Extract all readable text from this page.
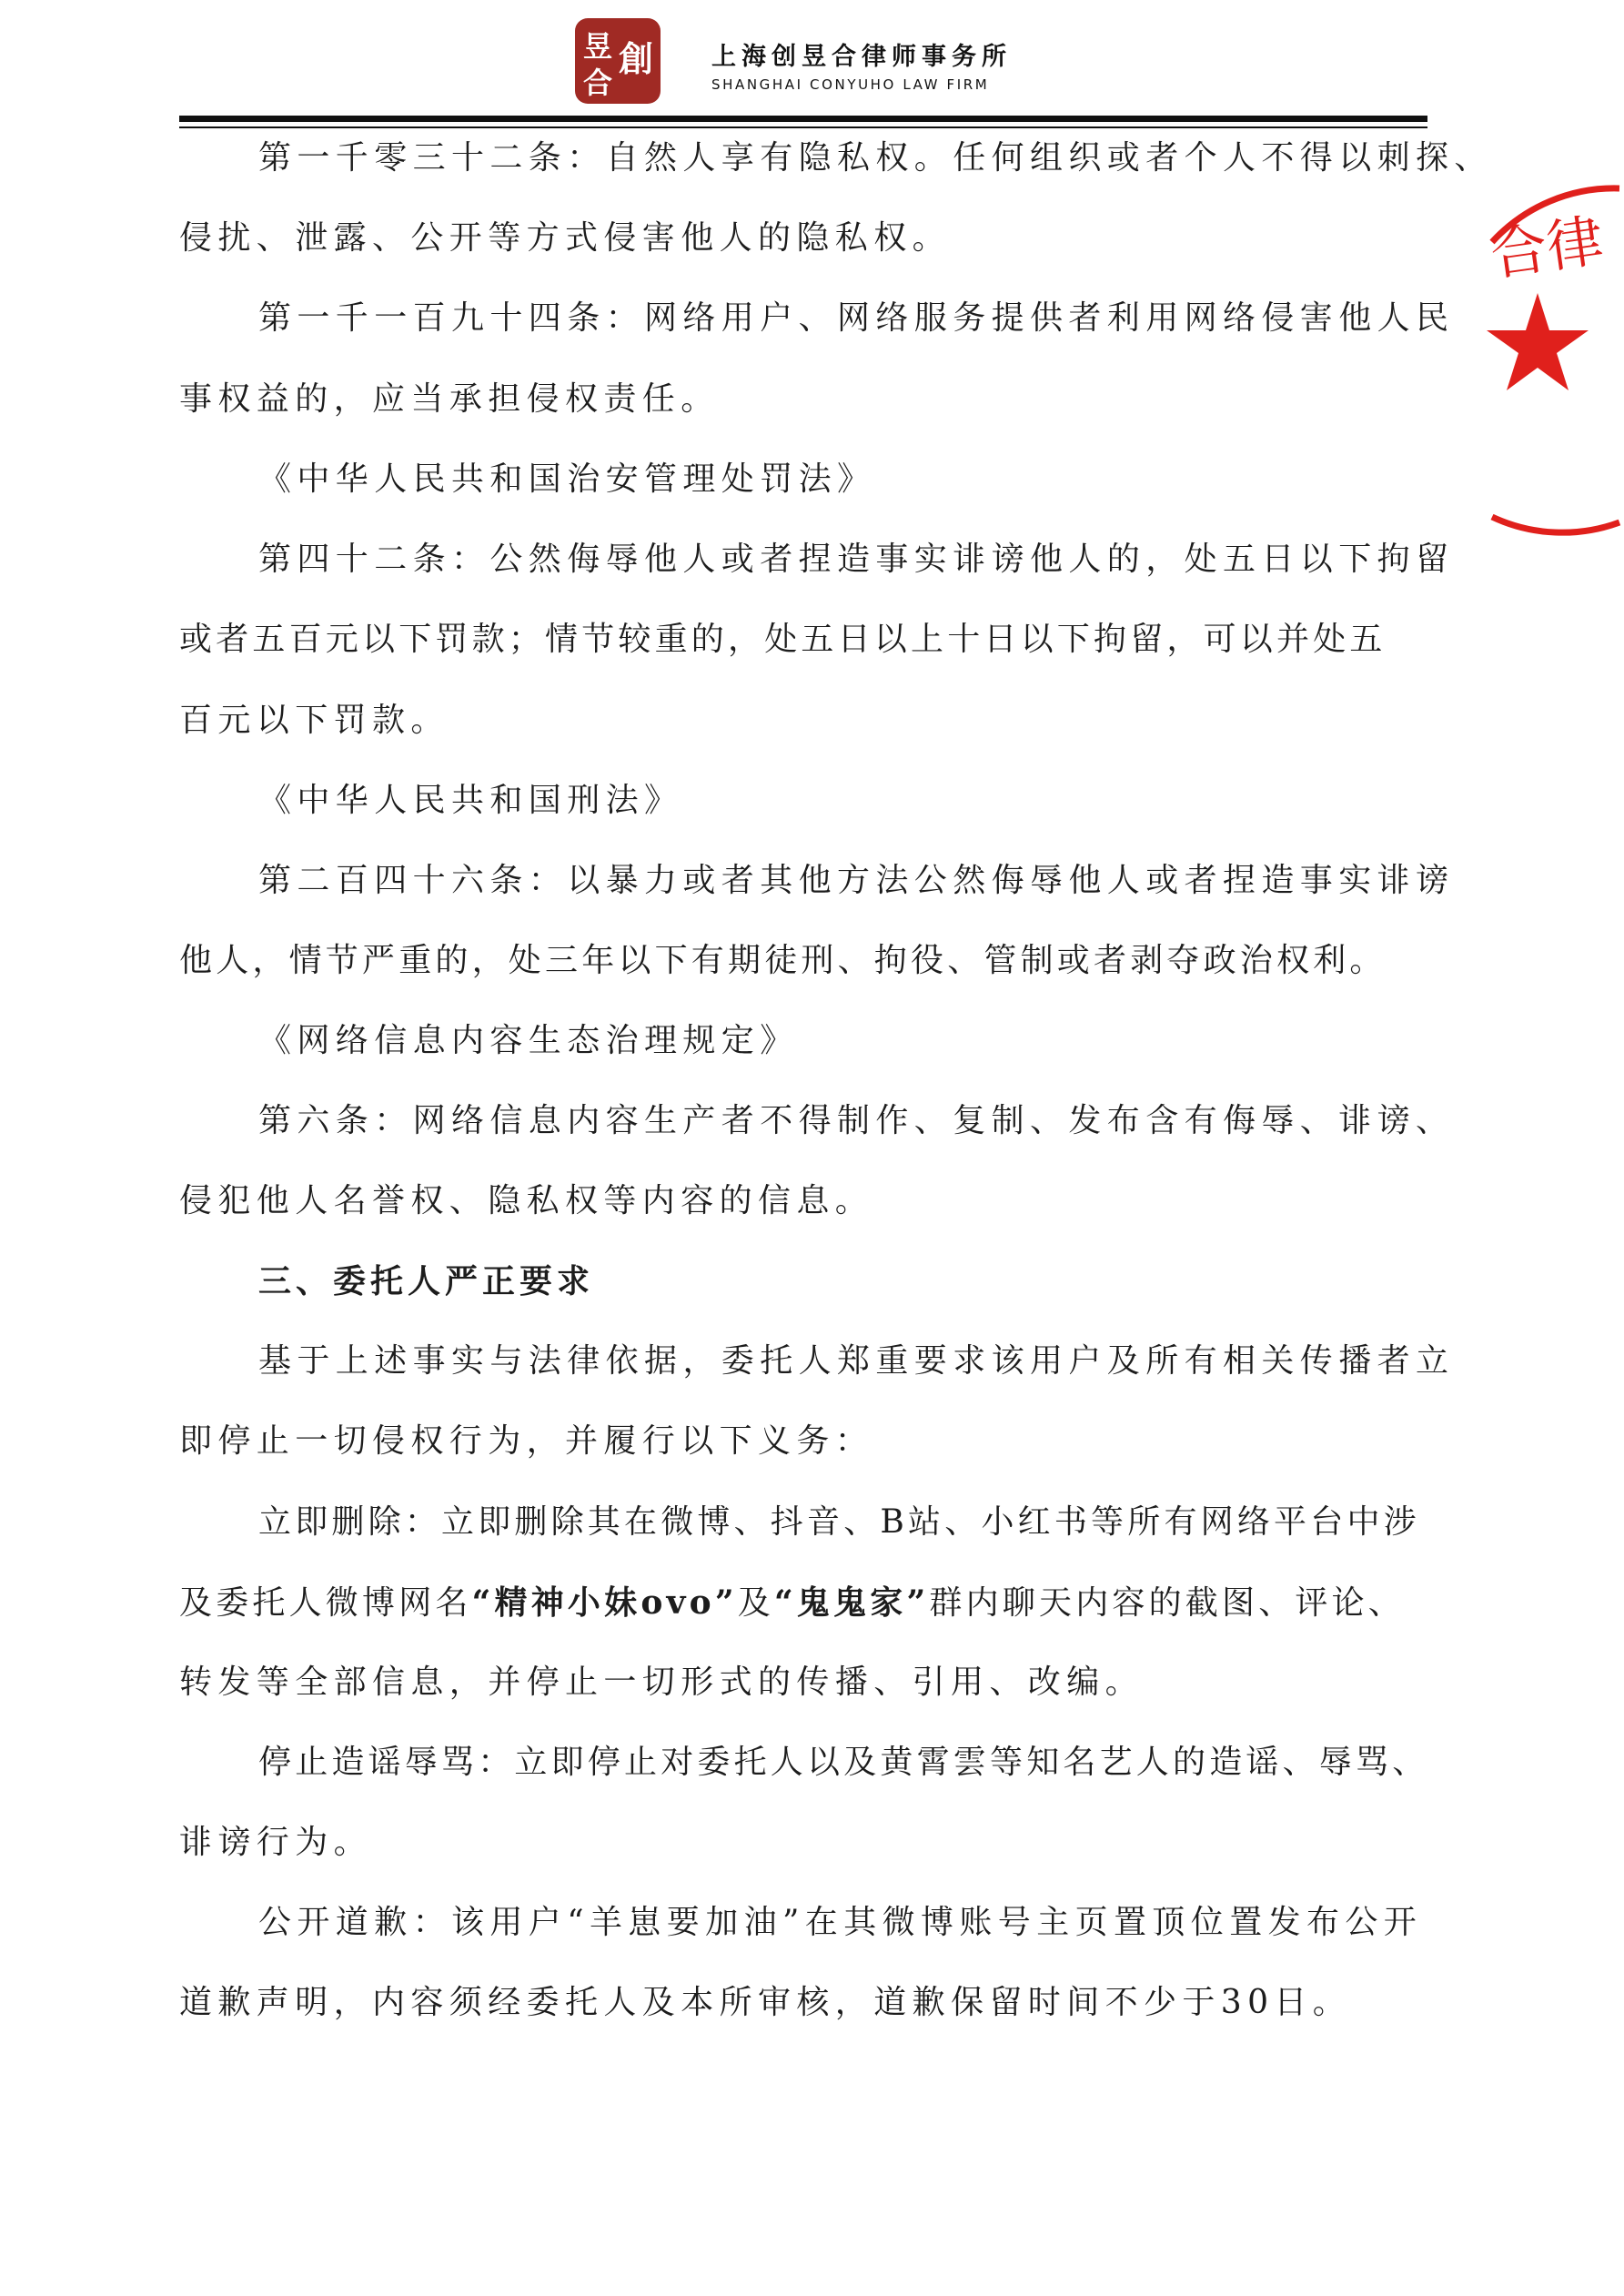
昱 創
合
上海创昱合律师事务所
SHANGHAI CONYUHO LAW FIRM
合律
第一千零三十二条：自然人享有隐私权。任何组织或者个人不得以刺探、
侵扰、泄露、公开等方式侵害他人的隐私权。
第一千一百九十四条：网络用户、网络服务提供者利用网络侵害他人民
事权益的，应当承担侵权责任。
《中华人民共和国治安管理处罚法》
第四十二条：公然侮辱他人或者捏造事实诽谤他人的，处五日以下拘留
或者五百元以下罚款；情节较重的，处五日以上十日以下拘留，可以并处五
百元以下罚款。
《中华人民共和国刑法》
第二百四十六条：以暴力或者其他方法公然侮辱他人或者捏造事实诽谤
他人，情节严重的，处三年以下有期徒刑、拘役、管制或者剥夺政治权利。
《网络信息内容生态治理规定》
第六条：网络信息内容生产者不得制作、复制、发布含有侮辱、诽谤、
侵犯他人名誉权、隐私权等内容的信息。
三、委托人严正要求
基于上述事实与法律依据，委托人郑重要求该用户及所有相关传播者立
即停止一切侵权行为，并履行以下义务：
立即删除：立即删除其在微博、抖音、B站、小红书等所有网络平台中涉
及委托人微博网名“精神小妹ovo”及“鬼鬼家”群内聊天内容的截图、评论、
转发等全部信息，并停止一切形式的传播、引用、改编。
停止造谣辱骂：立即停止对委托人以及黄霄雲等知名艺人的造谣、辱骂、
诽谤行为。
公开道歉：该用户“羊崽要加油”在其微博账号主页置顶位置发布公开
道歉声明，内容须经委托人及本所审核，道歉保留时间不少于30日。
